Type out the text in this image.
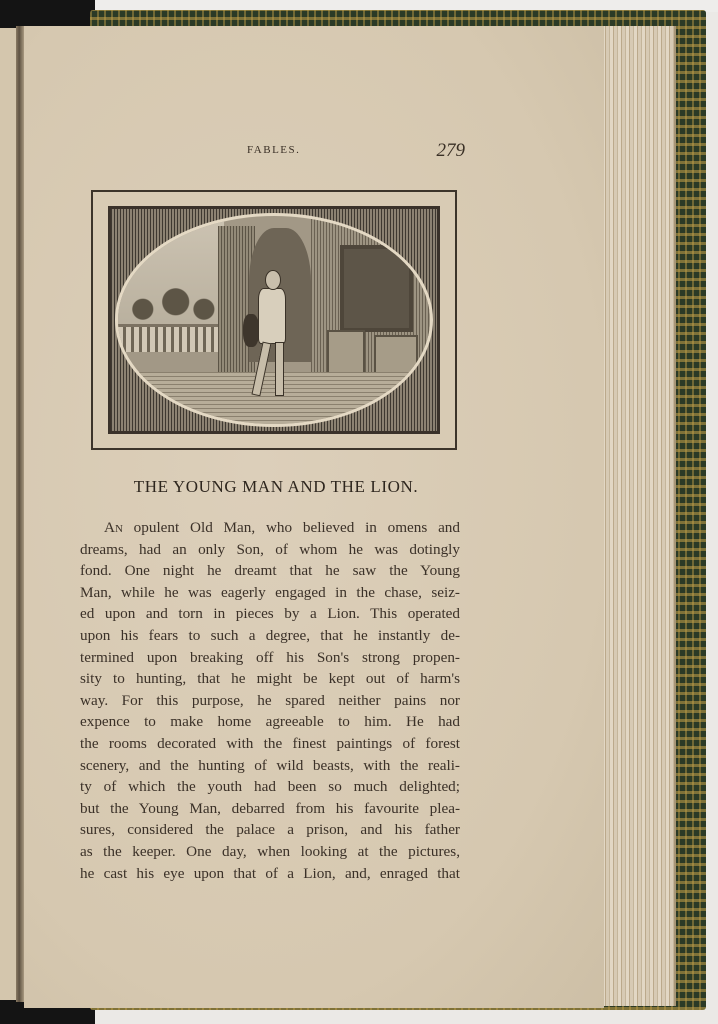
FABLES.	279
THE YOUNG MAN AND THE LION.
An opulent Old Man, who believed in omens and
dreams, had an only Son, of whom he was dotingly
fond. One night he dreamt that he saw the Young
Man, while he was eagerly engaged in the chase, seiz-
ed upon and torn in pieces by a Lion. This operated
upon his fears to such a degree, that he instantly de-
termined upon breaking off his Son's strong propen-
sity to hunting, that he might be kept out of harm's
way. For this purpose, he spared neither pains nor
expence to make home agreeable to him. He had
the rooms decorated with the finest paintings of forest
scenery, and the hunting of wild beasts, with the reali-
ty of which the youth had been so much delighted;
but the Young Man, debarred from his favourite plea-
sures, considered the palace a prison, and his father
as the keeper. One day, when looking at the pictures,
he cast his eye upon that of a Lion, and, enraged that
